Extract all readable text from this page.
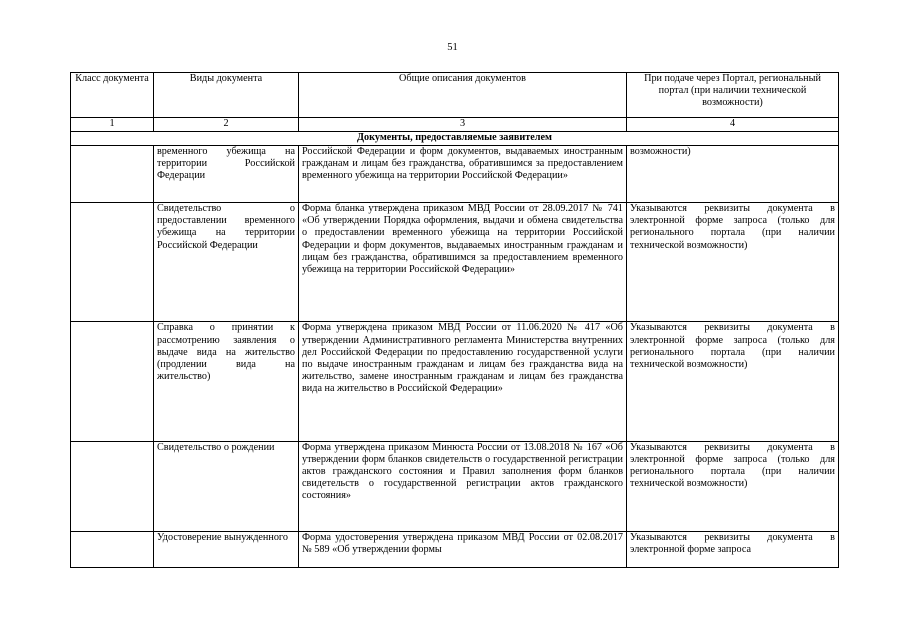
51
Класс документа	Виды документа	Общие описания документов	При подаче через Портал, региональный портал (при наличии технической возможности)
1	2	3	4
Документы, предоставляемые заявителем			
	временного убежища на территории Российской Федерации	Российской Федерации и форм документов, выдаваемых иностранным гражданам и лицам без гражданства, обратившимся за предоставлением временного убежища на территории Российской Федерации»	возможности)
	Свидетельство о предоставлении временного убежища на территории Российской Федерации	Форма бланка утверждена приказом МВД России от 28.09.2017 № 741 «Об утверждении Порядка оформления, выдачи и обмена свидетельства о предоставлении временного убежища на территории Российской Федерации и форм документов, выдаваемых иностранным гражданам и лицам без гражданства, обратившимся за предоставлением временного убежища на территории Российской Федерации»	Указываются реквизиты документа в электронной форме запроса (только для регионального портала (при наличии технической возможности)
	Справка о принятии к рассмотрению заявления о выдаче вида на жительство (продлении вида на жительство)	Форма утверждена приказом МВД России от 11.06.2020 № 417 «Об утверждении Административного регламента Министерства внутренних дел Российской Федерации по предоставлению государственной услуги по выдаче иностранным гражданам и лицам без гражданства вида на жительство, замене иностранным гражданам и лицам без гражданства вида на жительство в Российской Федерации»	Указываются реквизиты документа в электронной форме запроса (только для регионального портала (при наличии технической возможности)
	Свидетельство о рождении	Форма утверждена приказом Минюста России от 13.08.2018 № 167 «Об утверждении форм бланков свидетельств о государственной регистрации актов гражданского состояния и Правил заполнения форм бланков свидетельств о государственной регистрации актов гражданского состояния»	Указываются реквизиты документа в электронной форме запроса (только для регионального портала (при наличии технической возможности)
	Удостоверение вынужденного	Форма удостоверения утверждена приказом МВД России от 02.08.2017 № 589 «Об утверждении формы	Указываются реквизиты документа в электронной форме запроса
